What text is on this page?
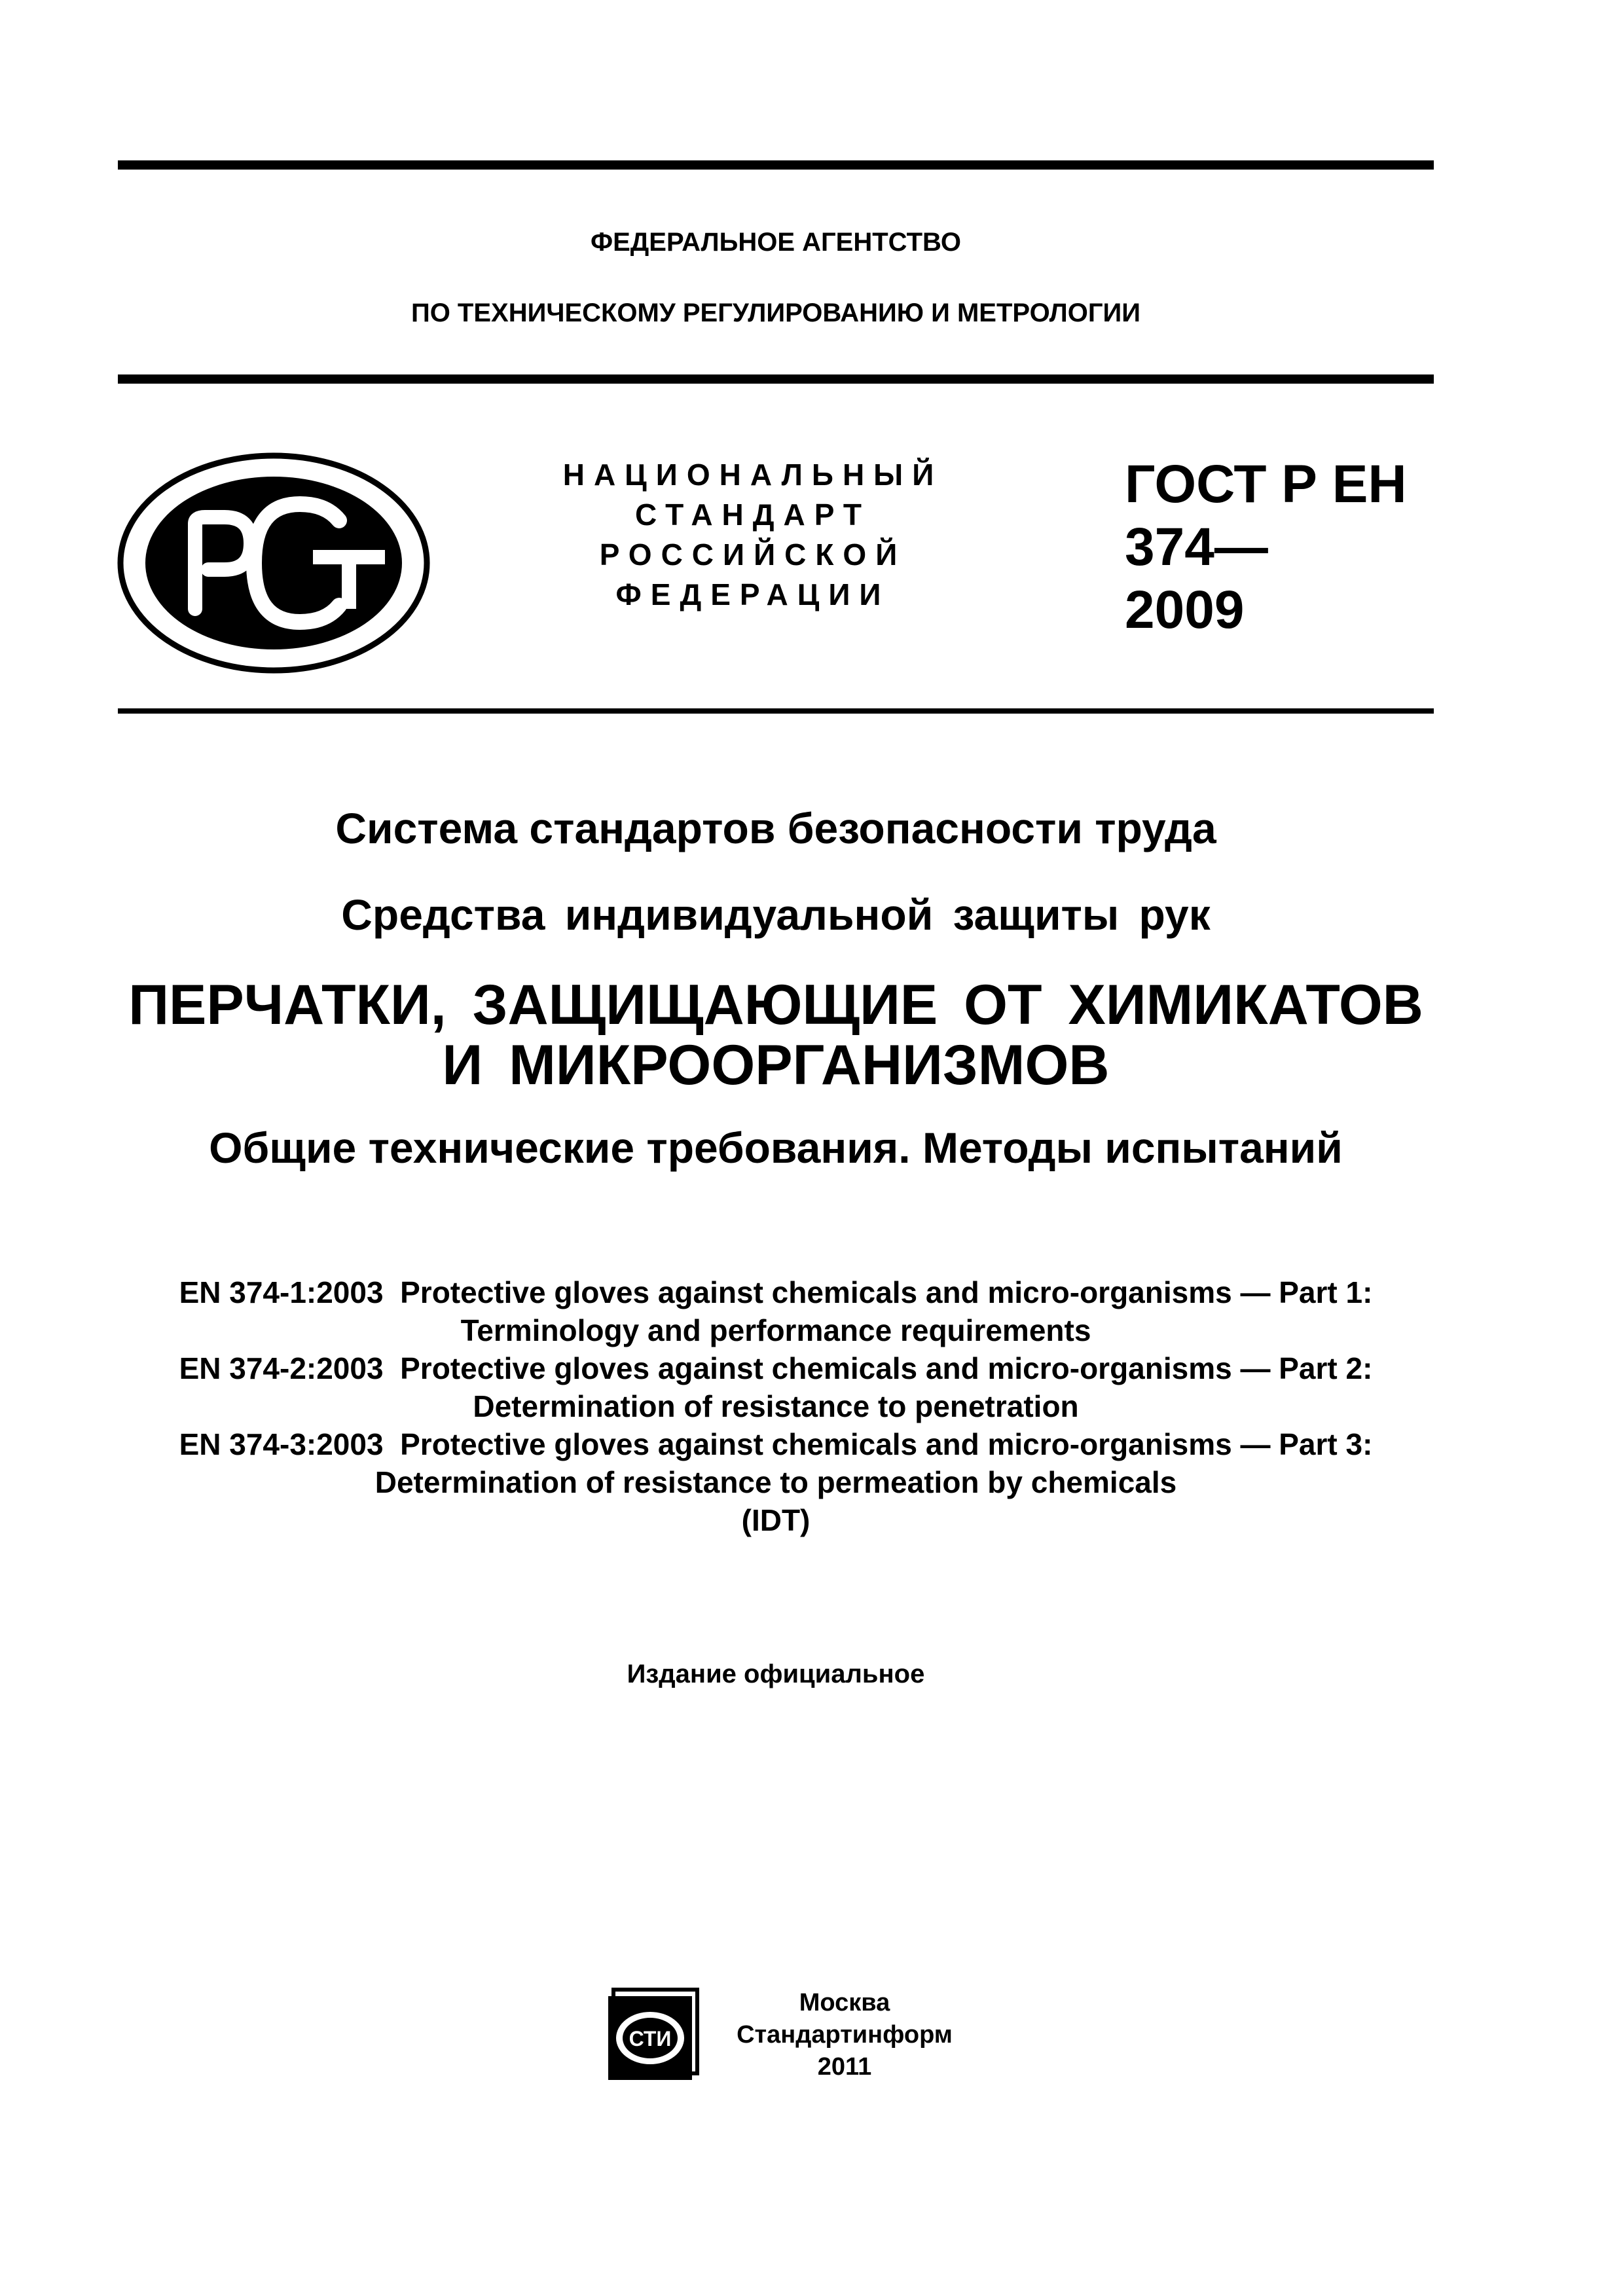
ФЕДЕРАЛЬНОЕ АГЕНТСТВО
ПО ТЕХНИЧЕСКОМУ РЕГУЛИРОВАНИЮ И МЕТРОЛОГИИ
НАЦИОНАЛЬНЫЙ
СТАНДАРТ
РОССИЙСКОЙ
ФЕДЕРАЦИИ
ГОСТ Р ЕН
374—
2009
Система стандартов безопасности труда
Средства индивидуальной защиты рук
ПЕРЧАТКИ, ЗАЩИЩАЮЩИЕ ОТ ХИМИКАТОВ
И МИКРООРГАНИЗМОВ
Общие технические требования. Методы испытаний
EN 374-1:2003  Protective gloves against chemicals and micro-organisms — Part 1:
Terminology and performance requirements
EN 374-2:2003  Protective gloves against chemicals and micro-organisms — Part 2:
Determination of resistance to penetration
EN 374-3:2003  Protective gloves against chemicals and micro-organisms — Part 3:
Determination of resistance to permeation by chemicals
(IDT)
Издание официальное
СТИ
Москва
Стандартинформ
2011
